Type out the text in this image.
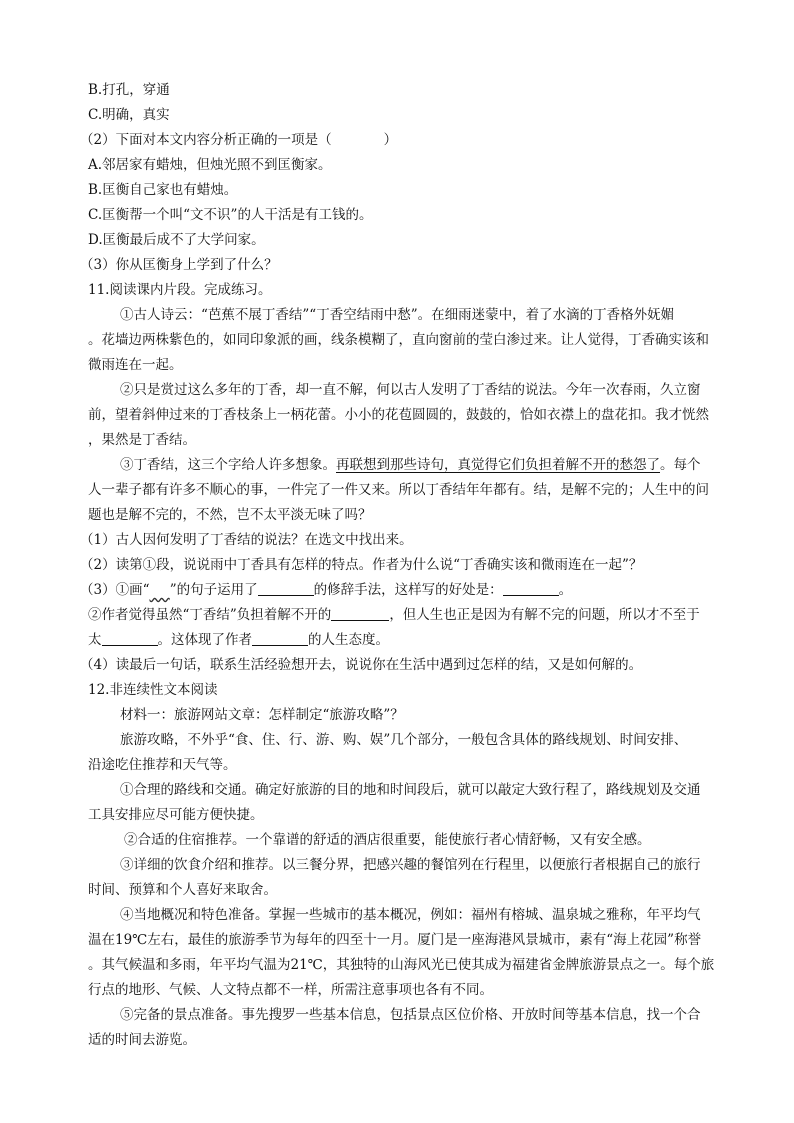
B.打孔，穿通
C.明确，真实
（2）下面对本文内容分析正确的一项是（	）
A.邻居家有蜡烛，但烛光照不到匡衡家。
B.匡衡自己家也有蜡烛。
C.匡衡帮一个叫“文不识”的人干活是有工钱的。
D.匡衡最后成不了大学问家。
（3）你从匡衡身上学到了什么？
11.阅读课内片段。完成练习。
①古人诗云：“芭蕉不展丁香结”“丁香空结雨中愁”。在细雨迷蒙中，着了水滴的丁香格外妩媚
。花墙边两株紫色的，如同印象派的画，线条模糊了，直向窗前的莹白渗过来。让人觉得，丁香确实该和
微雨连在一起。
②只是赏过这么多年的丁香，却一直不解，何以古人发明了丁香结的说法。今年一次春雨，久立窗
前，望着斜伸过来的丁香枝条上一柄花蕾。小小的花苞圆圆的，鼓鼓的，恰如衣襟上的盘花扣。我才恍然
，果然是丁香结。
③丁香结，这三个字给人许多想象。再联想到那些诗句，真觉得它们负担着解不开的愁怨了。每个
人一辈子都有许多不顺心的事，一件完了一件又来。所以丁香结年年都有。结，是解不完的；人生中的问
题也是解不完的，不然，岂不太平淡无味了吗？
（1）古人因何发明了丁香结的说法？在选文中找出来。
（2）读第①段，说说雨中丁香具有怎样的特点。作者为什么说“丁香确实该和微雨连在一起”？
（3）①画“​  ”的句子运用了	的修辞手法，这样写的好处是：	。
②作者觉得虽然“丁香结”负担着解不开的	，但人生也正是因为有解不完的问题，所以才不至于
太	。这体现了作者	的人生态度。
（4）读最后一句话，联系生活经验想开去，说说你在生活中遇到过怎样的结，又是如何解的。
12.非连续性文本阅读
材料一：旅游网站文章：怎样制定“旅游攻略”？
旅游攻略，不外乎“食、住、行、游、购、娱”几个部分，一般包含具体的路线规划、时间安排、
沿途吃住推荐和天气等。
①合理的路线和交通。确定好旅游的目的地和时间段后，就可以敲定大致行程了，路线规划及交通
工具安排应尽可能方便快捷。
②合适的住宿推荐。一个靠谱的舒适的酒店很重要，能使旅行者心情舒畅，又有安全感。
③详细的饮食介绍和推荐。以三餐分界，把感兴趣的餐馆列在行程里，以便旅行者根据自己的旅行
时间、预算和个人喜好来取舍。
④当地概况和特色准备。掌握一些城市的基本概况，例如：福州有榕城、温泉城之雅称，年平均气
温在19℃左右，最佳的旅游季节为每年的四至十一月。厦门是一座海港风景城市，素有“海上花园”称誉
。其气候温和多雨，年平均气温为21℃，其独特的山海风光已使其成为福建省金牌旅游景点之一。每个旅
行点的地形、气候、人文特点都不一样，所需注意事项也各有不同。
⑤完备的景点准备。事先搜罗一些基本信息，包括景点区位价格、开放时间等基本信息，找一个合
适的时间去游览。
